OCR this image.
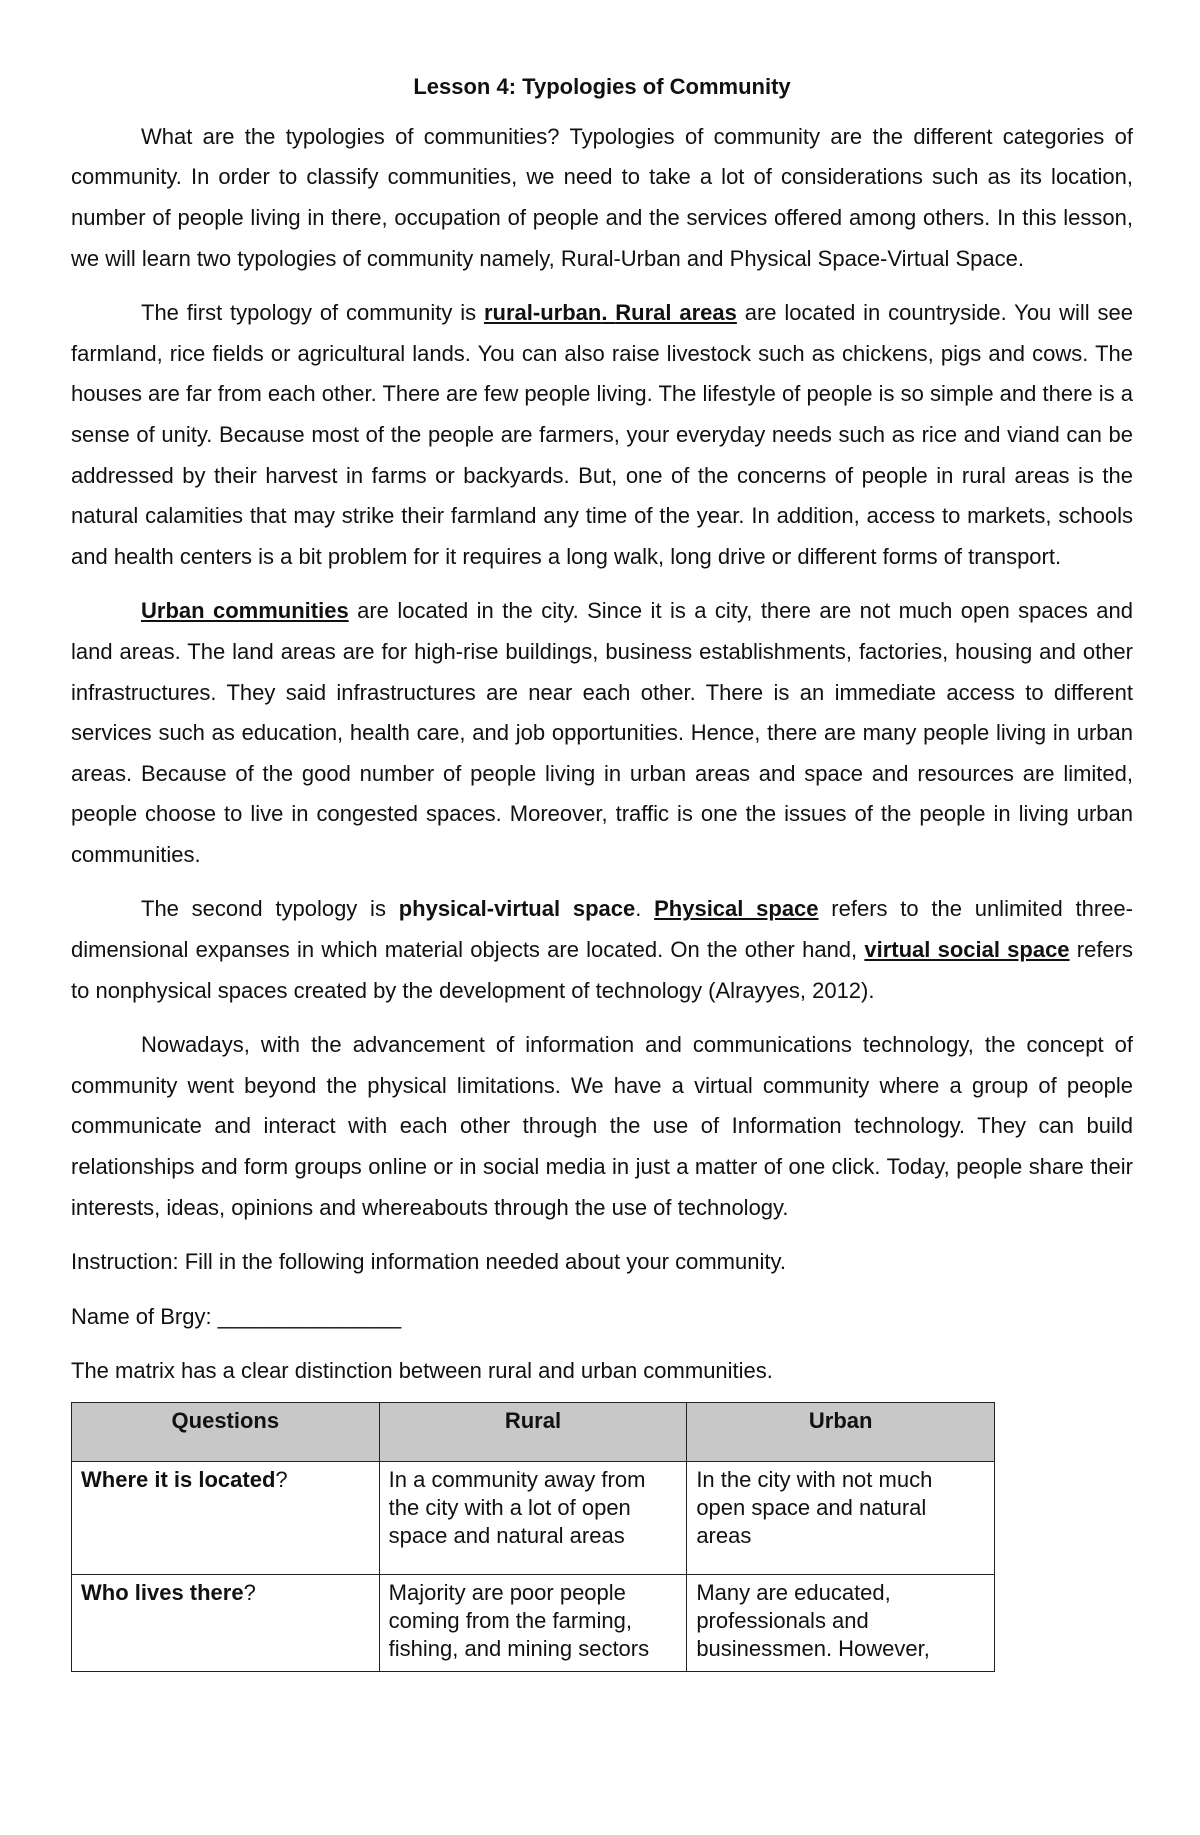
Lesson 4: Typologies of Community

What are the typologies of communities? Typologies of community are the different categories of community. In order to classify communities, we need to take a lot of considerations such as its location, number of people living in there, occupation of people and the services offered among others. In this lesson, we will learn two typologies of community namely, Rural-Urban and Physical Space-Virtual Space.

The first typology of community is rural-urban. Rural areas are located in countryside. You will see farmland, rice fields or agricultural lands. You can also raise livestock such as chickens, pigs and cows. The houses are far from each other. There are few people living. The lifestyle of people is so simple and there is a sense of unity. Because most of the people are farmers, your everyday needs such as rice and viand can be addressed by their harvest in farms or backyards. But, one of the concerns of people in rural areas is the natural calamities that may strike their farmland any time of the year. In addition, access to markets, schools and health centers is a bit problem for it requires a long walk, long drive or different forms of transport.

Urban communities are located in the city. Since it is a city, there are not much open spaces and land areas. The land areas are for high-rise buildings, business establishments, factories, housing and other infrastructures. They said infrastructures are near each other. There is an immediate access to different services such as education, health care, and job opportunities. Hence, there are many people living in urban areas. Because of the good number of people living in urban areas and space and resources are limited, people choose to live in congested spaces. Moreover, traffic is one the issues of the people in living urban communities.

The second typology is physical-virtual space. Physical space refers to the unlimited three-dimensional expanses in which material objects are located. On the other hand, virtual social space refers to nonphysical spaces created by the development of technology (Alrayyes, 2012).

Nowadays, with the advancement of information and communications technology, the concept of community went beyond the physical limitations. We have a virtual community where a group of people communicate and interact with each other through the use of Information technology. They can build relationships and form groups online or in social media in just a matter of one click. Today, people share their interests, ideas, opinions and whereabouts through the use of technology.

Instruction: Fill in the following information needed about your community.

Name of Brgy: _______________

The matrix has a clear distinction between rural and urban communities.

Questions	Rural	Urban
Where it is located?	In a community away from the city with a lot of open space and natural areas	In the city with not much open space and natural areas
Who lives there?	Majority are poor people coming from the farming, fishing, and mining sectors	Many are educated, professionals and businessmen. However,
